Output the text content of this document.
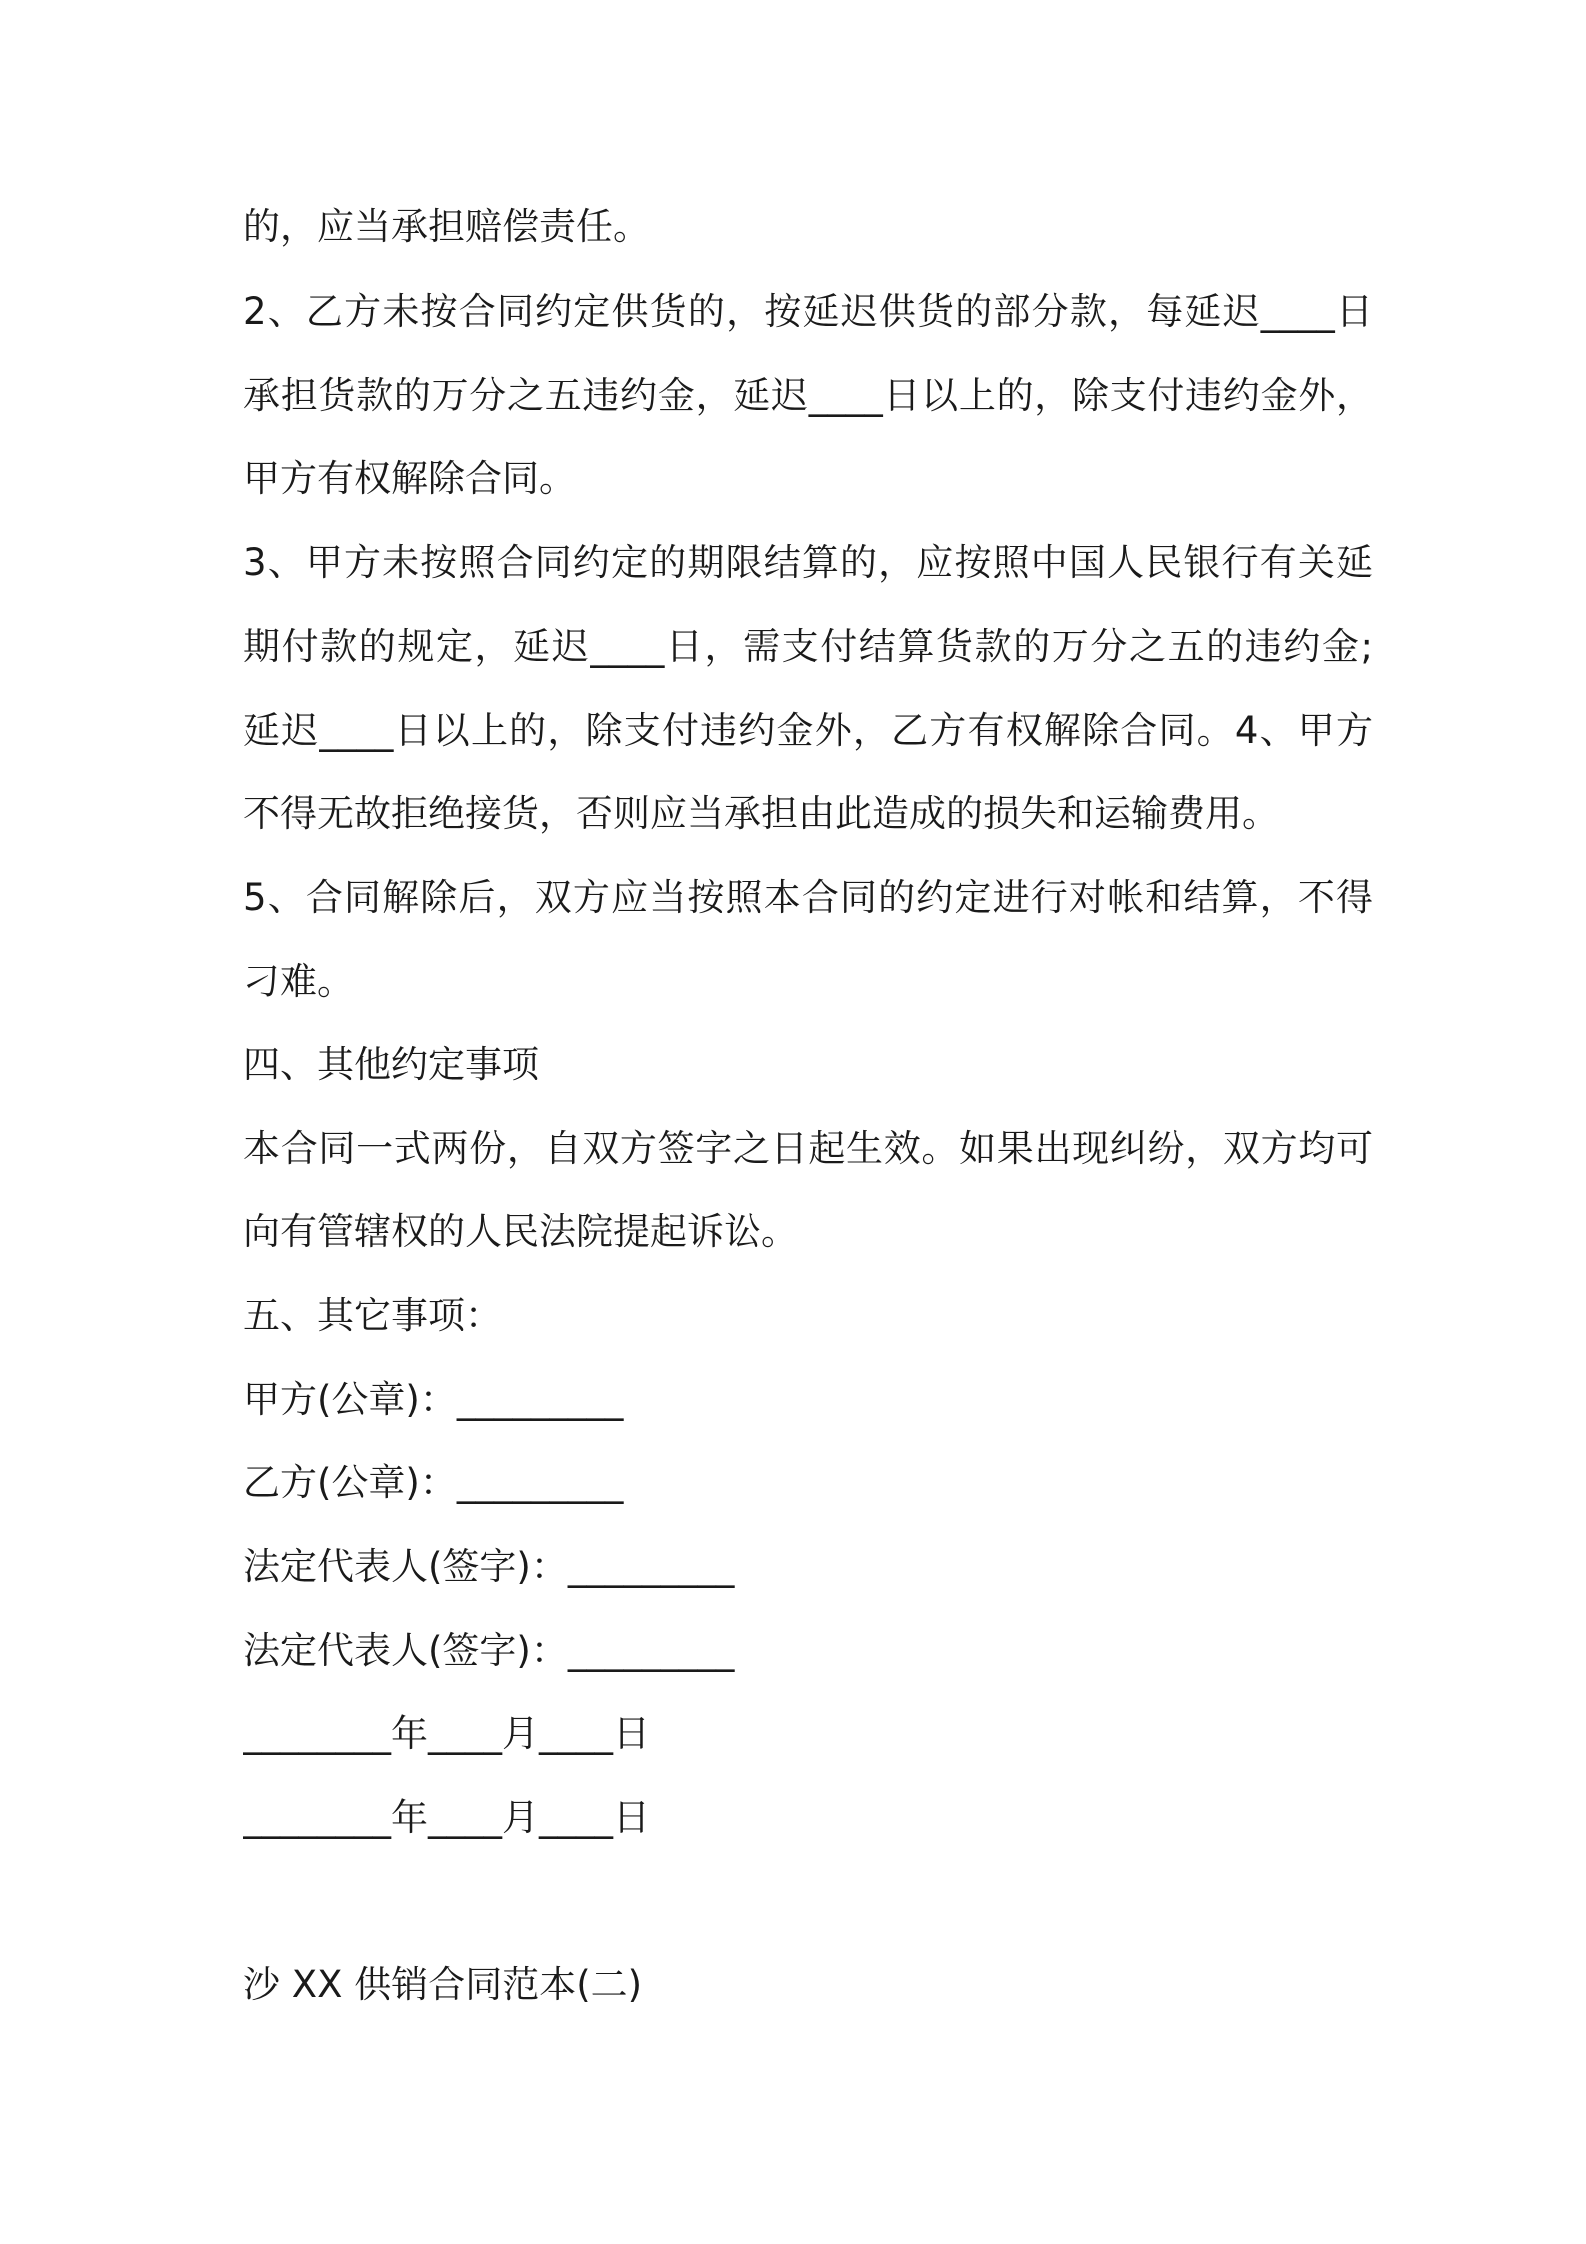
的，应当承担赔偿责任。
2、乙方未按合同约定供货的，按延迟供货的部分款，每延迟____日
承担货款的万分之五违约金，延迟____日以上的，除支付违约金外，
甲方有权解除合同。
3、甲方未按照合同约定的期限结算的，应按照中国人民银行有关延
期付款的规定，延迟____日，需支付结算货款的万分之五的违约金;
延迟____日以上的，除支付违约金外，乙方有权解除合同。4、甲方
不得无故拒绝接货，否则应当承担由此造成的损失和运输费用。
5、合同解除后，双方应当按照本合同的约定进行对帐和结算，不得
刁难。
四、其他约定事项
本合同一式两份，自双方签字之日起生效。如果出现纠纷，双方均可
向有管辖权的人民法院提起诉讼。
五、其它事项：
甲方(公章)：_________
乙方(公章)：_________
法定代表人(签字)：_________
法定代表人(签字)：_________
________年____月____日
________年____月____日
沙 XX 供销合同范本(二)
